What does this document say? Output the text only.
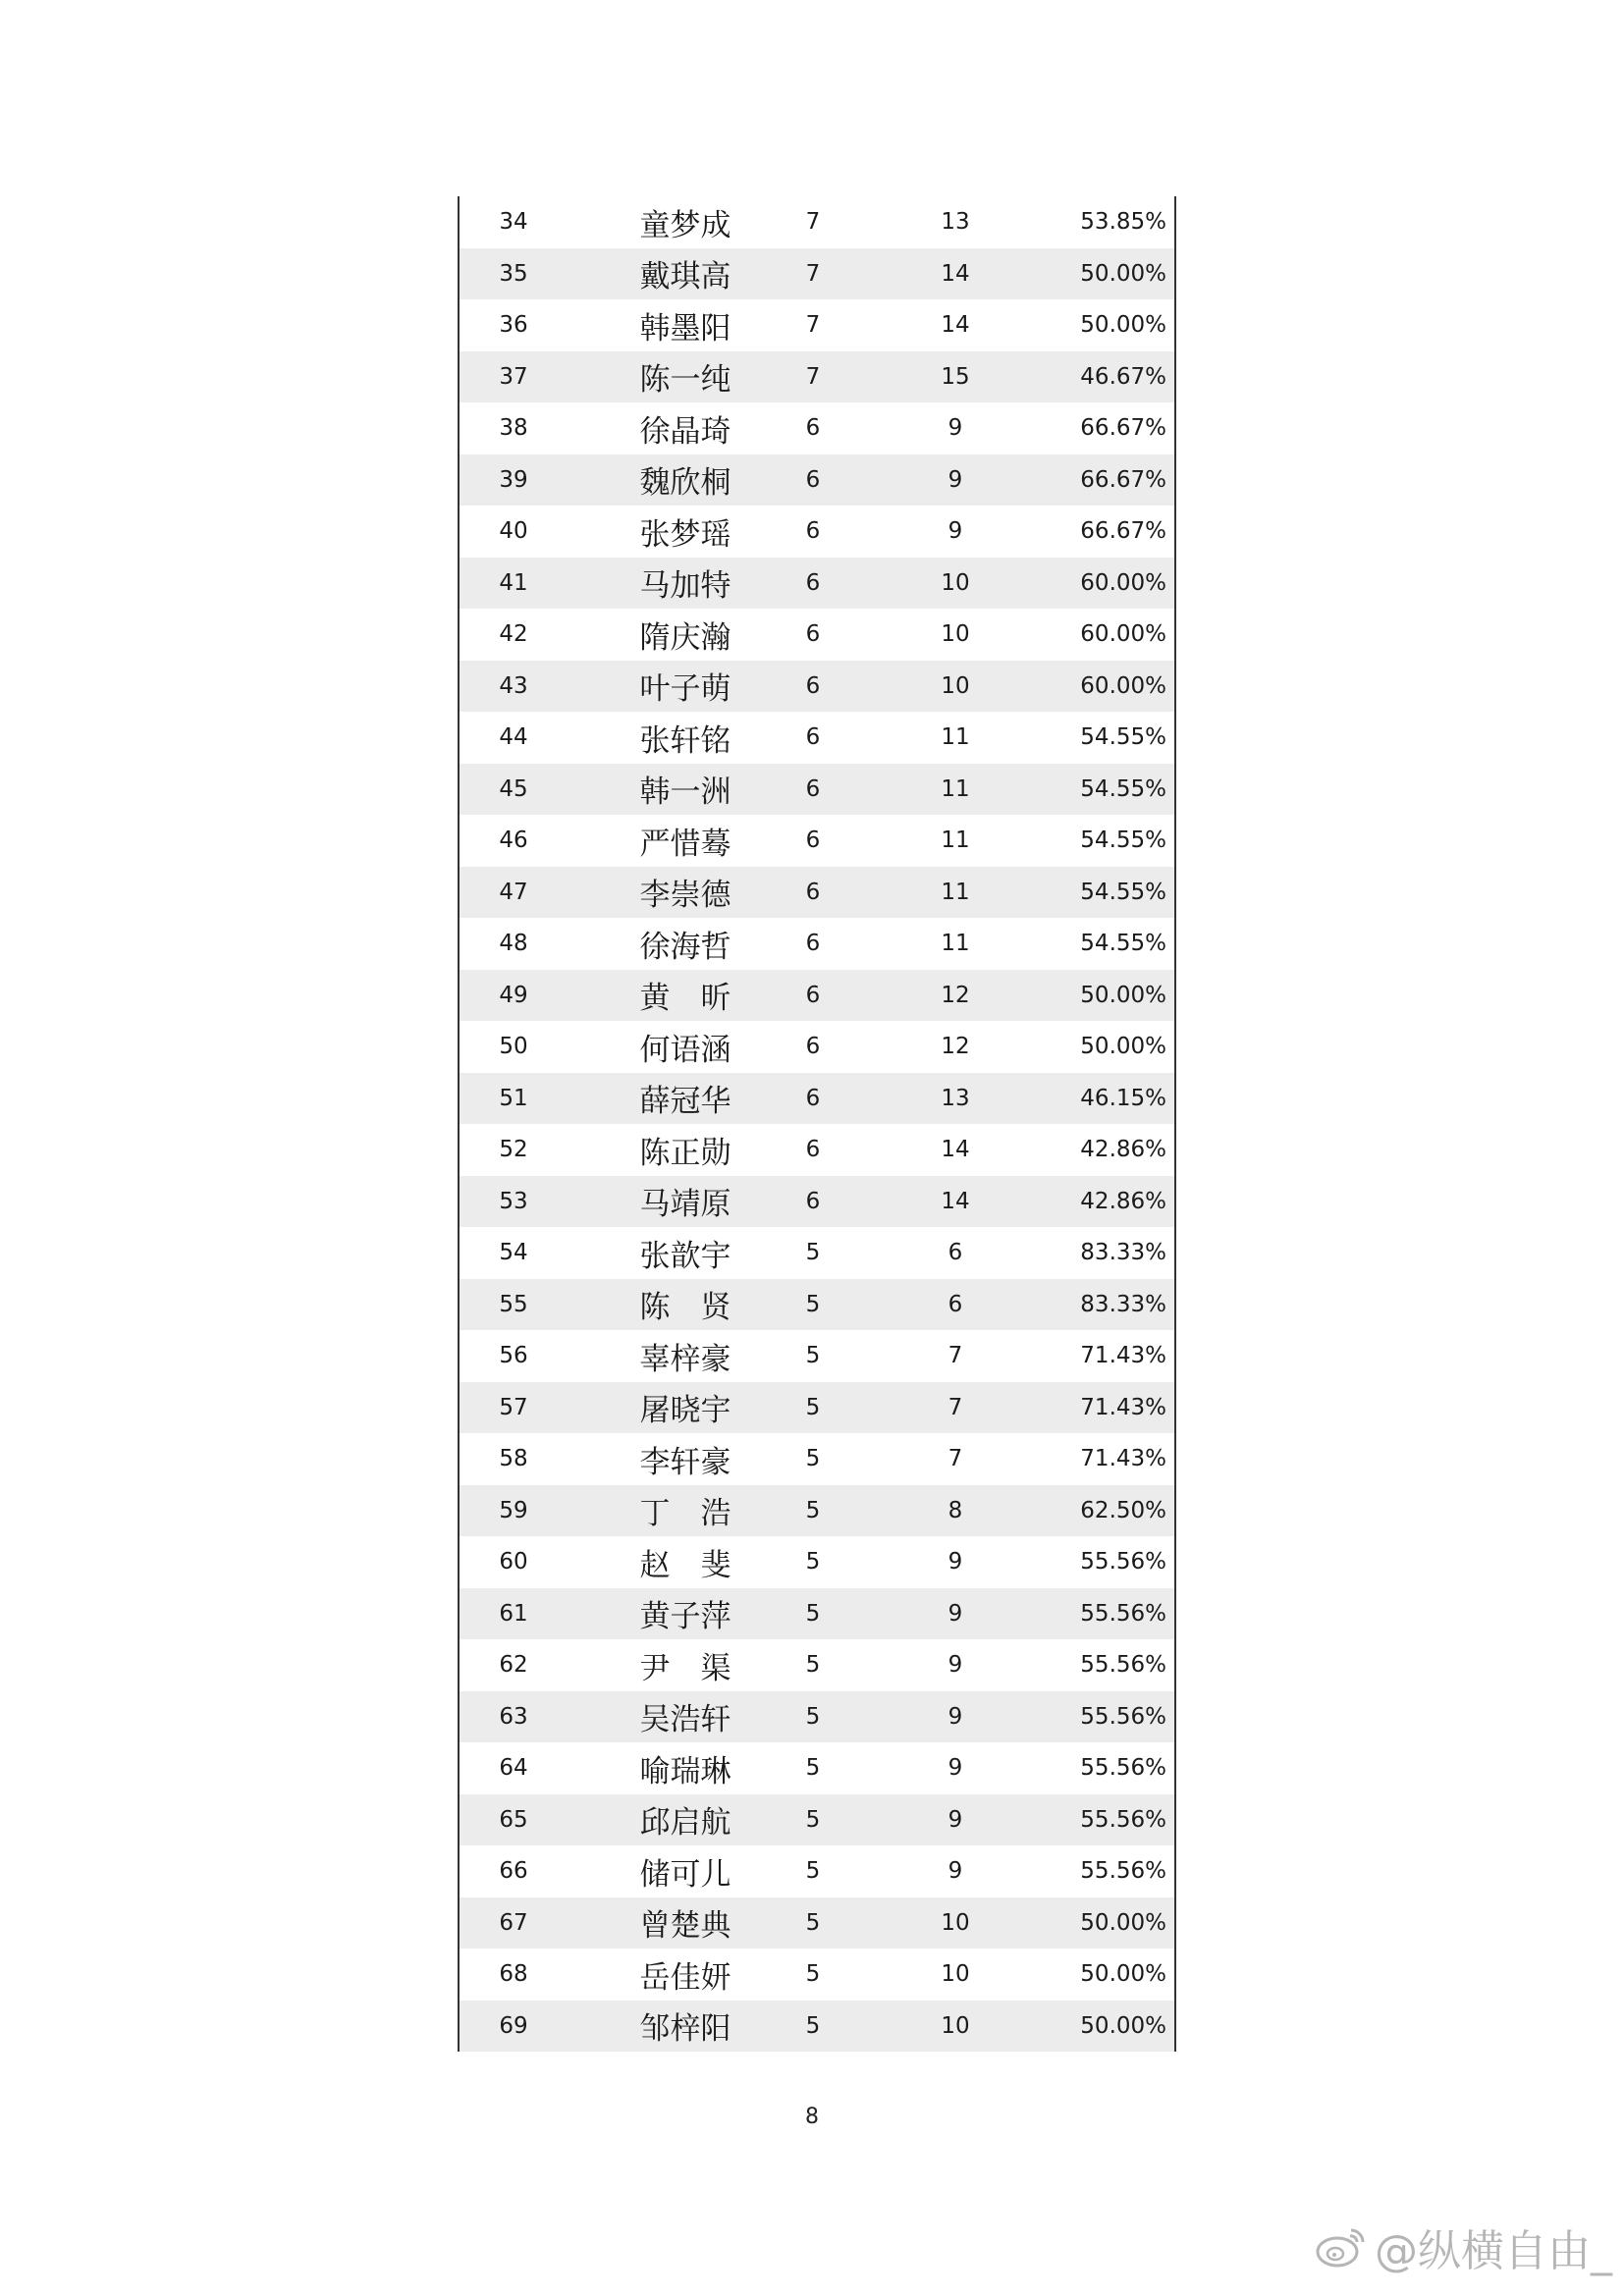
34	童梦成	7	13	53.85%
35	戴琪高	7	14	50.00%
36	韩墨阳	7	14	50.00%
37	陈一纯	7	15	46.67%
38	徐晶琦	6	9	66.67%
39	魏欣桐	6	9	66.67%
40	张梦瑶	6	9	66.67%
41	马加特	6	10	60.00%
42	隋庆瀚	6	10	60.00%
43	叶子萌	6	10	60.00%
44	张轩铭	6	11	54.55%
45	韩一洲	6	11	54.55%
46	严惜蓦	6	11	54.55%
47	李崇德	6	11	54.55%
48	徐海哲	6	11	54.55%
49	黄　昕	6	12	50.00%
50	何语涵	6	12	50.00%
51	薛冠华	6	13	46.15%
52	陈正勋	6	14	42.86%
53	马靖原	6	14	42.86%
54	张歆宇	5	6	83.33%
55	陈　贤	5	6	83.33%
56	辜梓豪	5	7	71.43%
57	屠晓宇	5	7	71.43%
58	李轩豪	5	7	71.43%
59	丁　浩	5	8	62.50%
60	赵　斐	5	9	55.56%
61	黄子萍	5	9	55.56%
62	尹　渠	5	9	55.56%
63	吴浩轩	5	9	55.56%
64	喻瑞琳	5	9	55.56%
65	邱启航	5	9	55.56%
66	储可儿	5	9	55.56%
67	曾楚典	5	10	50.00%
68	岳佳妍	5	10	50.00%
69	邹梓阳	5	10	50.00%
8
@纵横自由_
